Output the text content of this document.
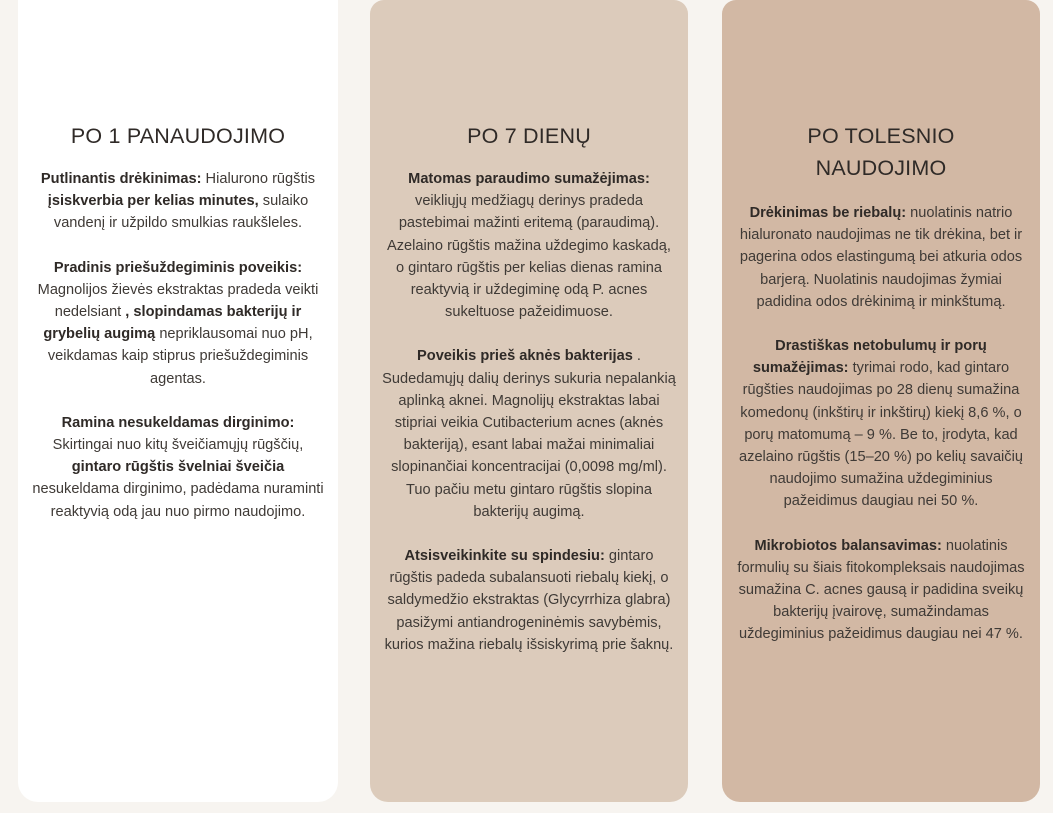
PO 1 PANAUDOJIMO

Putlinantis drėkinimas: Hialurono rūgštis įsiskverbia per kelias minutes, sulaiko vandenį ir užpildo smulkias raukšleles.

Pradinis priešuždegiminis poveikis: Magnolijos žievės ekstraktas pradeda veikti nedelsiant , slopindamas bakterijų ir grybelių augimą nepriklausomai nuo pH, veikdamas kaip stiprus priešuždegiminis agentas.

Ramina nesukeldamas dirginimo: Skirtingai nuo kitų šveičiamųjų rūgščių, gintaro rūgštis švelniai šveičia nesukeldama dirginimo, padėdama nuraminti reaktyvią odą jau nuo pirmo naudojimo.

PO 7 DIENŲ

Matomas paraudimo sumažėjimas: veikliųjų medžiagų derinys pradeda pastebimai mažinti eritemą (paraudimą). Azelaino rūgštis mažina uždegimo kaskadą, o gintaro rūgštis per kelias dienas ramina reaktyvią ir uždegiminę odą P. acnes sukeltuose pažeidimuose.

Poveikis prieš aknės bakterijas . Sudedamųjų dalių derinys sukuria nepalankią aplinką aknei. Magnolijų ekstraktas labai stipriai veikia Cutibacterium acnes (aknės bakteriją), esant labai mažai minimaliai slopinančiai koncentracijai (0,0098 mg/ml). Tuo pačiu metu gintaro rūgštis slopina bakterijų augimą.

Atsisveikinkite su spindesiu: gintaro rūgštis padeda subalansuoti riebalų kiekį, o saldymedžio ekstraktas (Glycyrrhiza glabra) pasižymi antiandrogeninėmis savybėmis, kurios mažina riebalų išsiskyrimą prie šaknų.

PO TOLESNIO NAUDOJIMO

Drėkinimas be riebalų: nuolatinis natrio hialuronato naudojimas ne tik drėkina, bet ir pagerina odos elastingumą bei atkuria odos barjerą. Nuolatinis naudojimas žymiai padidina odos drėkinimą ir minkštumą.

Drastiškas netobulumų ir porų sumažėjimas: tyrimai rodo, kad gintaro rūgšties naudojimas po 28 dienų sumažina komedonų (inkštirų ir inkštirų) kiekį 8,6 %, o porų matomumą – 9 %. Be to, įrodyta, kad azelaino rūgštis (15–20 %) po kelių savaičių naudojimo sumažina uždegiminius pažeidimus daugiau nei 50 %.

Mikrobiotos balansavimas: nuolatinis formulių su šiais fitokompleksais naudojimas sumažina C. acnes gausą ir padidina sveikų bakterijų įvairovę, sumažindamas uždegiminius pažeidimus daugiau nei 47 %.
